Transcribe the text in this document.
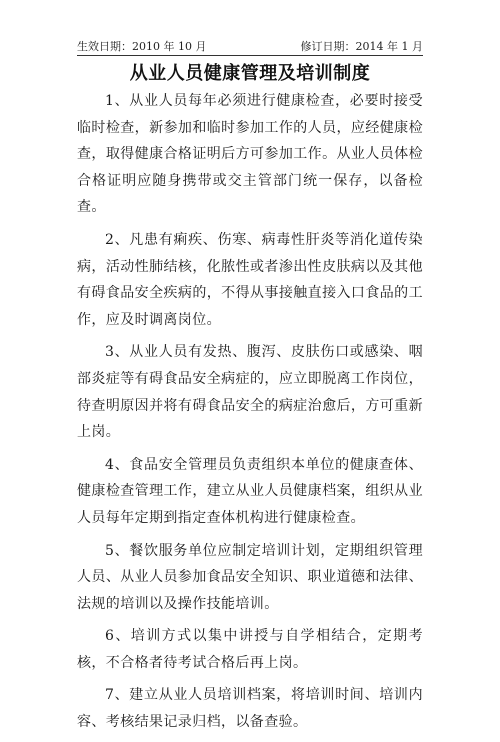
生效日期：2010 年 10 月	修订日期：2014 年 1 月
从业人员健康管理及培训制度

1、从业人员每年必须进行健康检查，必要时接受临时检查，新参加和临时参加工作的人员，应经健康检查，取得健康合格证明后方可参加工作。从业人员体检合格证明应随身携带或交主管部门统一保存，以备检查。

2、凡患有痢疾、伤寒、病毒性肝炎等消化道传染病，活动性肺结核，化脓性或者渗出性皮肤病以及其他有碍食品安全疾病的，不得从事接触直接入口食品的工作，应及时调离岗位。

3、从业人员有发热、腹泻、皮肤伤口或感染、咽部炎症等有碍食品安全病症的，应立即脱离工作岗位，待查明原因并将有碍食品安全的病症治愈后，方可重新上岗。

4、食品安全管理员负责组织本单位的健康查体、健康检查管理工作，建立从业人员健康档案，组织从业人员每年定期到指定查体机构进行健康检查。

5、餐饮服务单位应制定培训计划，定期组织管理人员、从业人员参加食品安全知识、职业道德和法律、法规的培训以及操作技能培训。

6、培训方式以集中讲授与自学相结合，定期考核，不合格者待考试合格后再上岗。

7、建立从业人员培训档案，将培训时间、培训内容、考核结果记录归档，以备查验。
